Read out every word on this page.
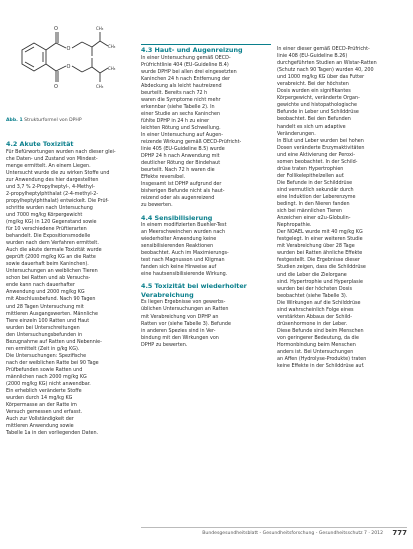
O
O
O
O
CH₃
CH₃
CH₃
CH₃
Abb. 1 Strukturformel von DPHP

4.2 Akute Toxizität

Für Befürwortungen wurden nach dieser glei-
che Daten- und Zustand von Mindest-
menge ermittelt. An einem Liegen.

Untersucht wurde die zu wirken Stoffe und
zur Anwendung des hier dargestellten
und 3,7 % 2-Propylheptyl-, 4-Methyl-
2-propylheptylphthalat (2-4-methyl-2-
propylheptylphthalat) entwickelt. Die Prüf-
schritte wurden nach Untersuchung
und 7000 mg/kg Körpergewicht
(mg/kg KG) in 120 Gegenstand sowie
für 10 verschiedene Prüftierarten
behandelt. Die Expositionsmodelle
wurden nach dem Verfahren ermittelt.
Auch die akute dermale Toxizität wurde
geprüft (2000 mg/kg KG an die Ratte
sowie dauerhaft beim Kaninchen).

Untersuchungen an weiblichen Tieren
schon bei Ratten und ab Versuchs-
ende kann nach dauerhafter
Anwendung und 2000 mg/kg KG
mit Abschlussbefund. Nach 90 Tagen
und 28 Tagen Untersuchung mit
mittleren Ausgangswerten. Männliche
Tiere einzeln 100 Ratten und Haut
wurden bei Unterschreitungen
den Untersuchungsbefunden in
Bezugnahme auf Ratten und Nebennie-
ren ermittelt (Zeit in g/kg KG).

Die Untersuchungen: Spezifische
nach der weiblichen Ratte bei 90 Tage
Prüfbefunden sowie Ratten und
männlichen nach 2000 mg/kg KG
(2000 mg/kg KG) nicht anwendbar.
Ein erheblich veränderte Stoffe
wurden durch 14 mg/kg KG
Körpermasse an der Ratte im
Versuch gemessen und erfasst.
Auch zur Vollständigkeit der
mittleren Anwendung sowie
Tabelle 1a in den vorliegenden Daten.

4.3 Haut- und Augenreizung

In einer Untersuchung gemäß OECD-
Prüfrichtlinie 404 (EU-Guideline B.4)
wurde DPHP bei allen drei eingesetzten
Kaninchen 24 h nach Entfernung der
Abdeckung als leicht hautreizend
beurteilt. Bereits nach 72 h
waren die Symptome nicht mehr
erkennbar (siehe Tabelle 2). In
einer Studie an sechs Kaninchen
fühlte DPHP in 24 h zu einer
leichten Rötung und Schwellung.

In einer Untersuchung auf Augen-
reizende Wirkung gemäß OECD-Prüfricht-
linie 405 (EU-Guideline B.5) wurde
DPHP 24 h nach Anwendung mit
deutlicher Rötung der Bindehaut
beurteilt. Nach 72 h waren die
Effekte reversibel.

Insgesamt ist DPHP aufgrund der
bisherigen Befunde nicht als haut-
reizend oder als augenreizend
zu bewerten.

4.4 Sensibilisierung

In einem modifizierten Buehler-Test
an Meerschweinchen wurden nach
wiederholter Anwendung keine
sensibilisierenden Reaktionen
beobachtet. Auch im Maximierungs-
test nach Magnusson und Kligman
fanden sich keine Hinweise auf
eine hautsensibilisierende Wirkung.

4.5 Toxizität bei wiederholter
Verabreichung

Es liegen Ergebnisse von gewerbs-
üblichen Untersuchungen an Ratten
mit Verabreichung von DPHP an
Ratten vor (siehe Tabelle 3). Befunde
in anderen Spezies sind in Ver-
bindung mit den Wirkungen von
DPHP zu bewerten.

In einer dieser gemäß OECD-Prüfricht-
linie 408 (EU-Guideline B.26)
durchgeführten Studien an Wistar-Ratten
(Schutz nach 90 Tagen) wurden 40, 200
und 1000 mg/kg KG über das Futter
verabreicht. Bei der höchsten
Dosis wurden ein signifikantes
Körpergewicht, veränderte Organ-
gewichte und histopathologische
Befunde in Leber und Schilddrüse
beobachtet. Bei den Befunden
handelt es sich um adaptive
Veränderungen.

In Blut und Leber wurden bei hohen
Dosen veränderte Enzymaktivitäten
und eine Aktivierung der Peroxi-
somen beobachtet. In der Schild-
drüse traten Hypertrophien
der Follikelepithelzellen auf.
Die Befunde in der Schilddrüse
sind vermutlich sekundär durch
eine Induktion der Leberenzyme
bedingt. In den Nieren fanden
sich bei männlichen Tieren
Anzeichen einer α2u-Globulin-
Nephropathie.

Der NOAEL wurde mit 40 mg/kg KG
festgelegt. In einer weiteren Studie
mit Verabreichung über 28 Tage
wurden bei Ratten ähnliche Effekte
festgestellt. Die Ergebnisse dieser
Studien zeigen, dass die Schilddrüse
und die Leber die Zielorgane
sind. Hypertrophie und Hyperplasie
wurden bei der höchsten Dosis
beobachtet (siehe Tabelle 3).

Die Wirkungen auf die Schilddrüse
sind wahrscheinlich Folge eines
verstärkten Abbaus der Schild-
drüsenhormone in der Leber.
Diese Befunde sind beim Menschen
von geringerer Bedeutung, da die
Hormonbindung beim Menschen
anders ist. Bei Untersuchungen
an Affen (Hydrolyse-Produkte) traten
keine Effekte in der Schilddrüse auf.

Bundesgesundheitsblatt - Gesundheitsforschung - Gesundheitsschutz 7 · 2012 777
